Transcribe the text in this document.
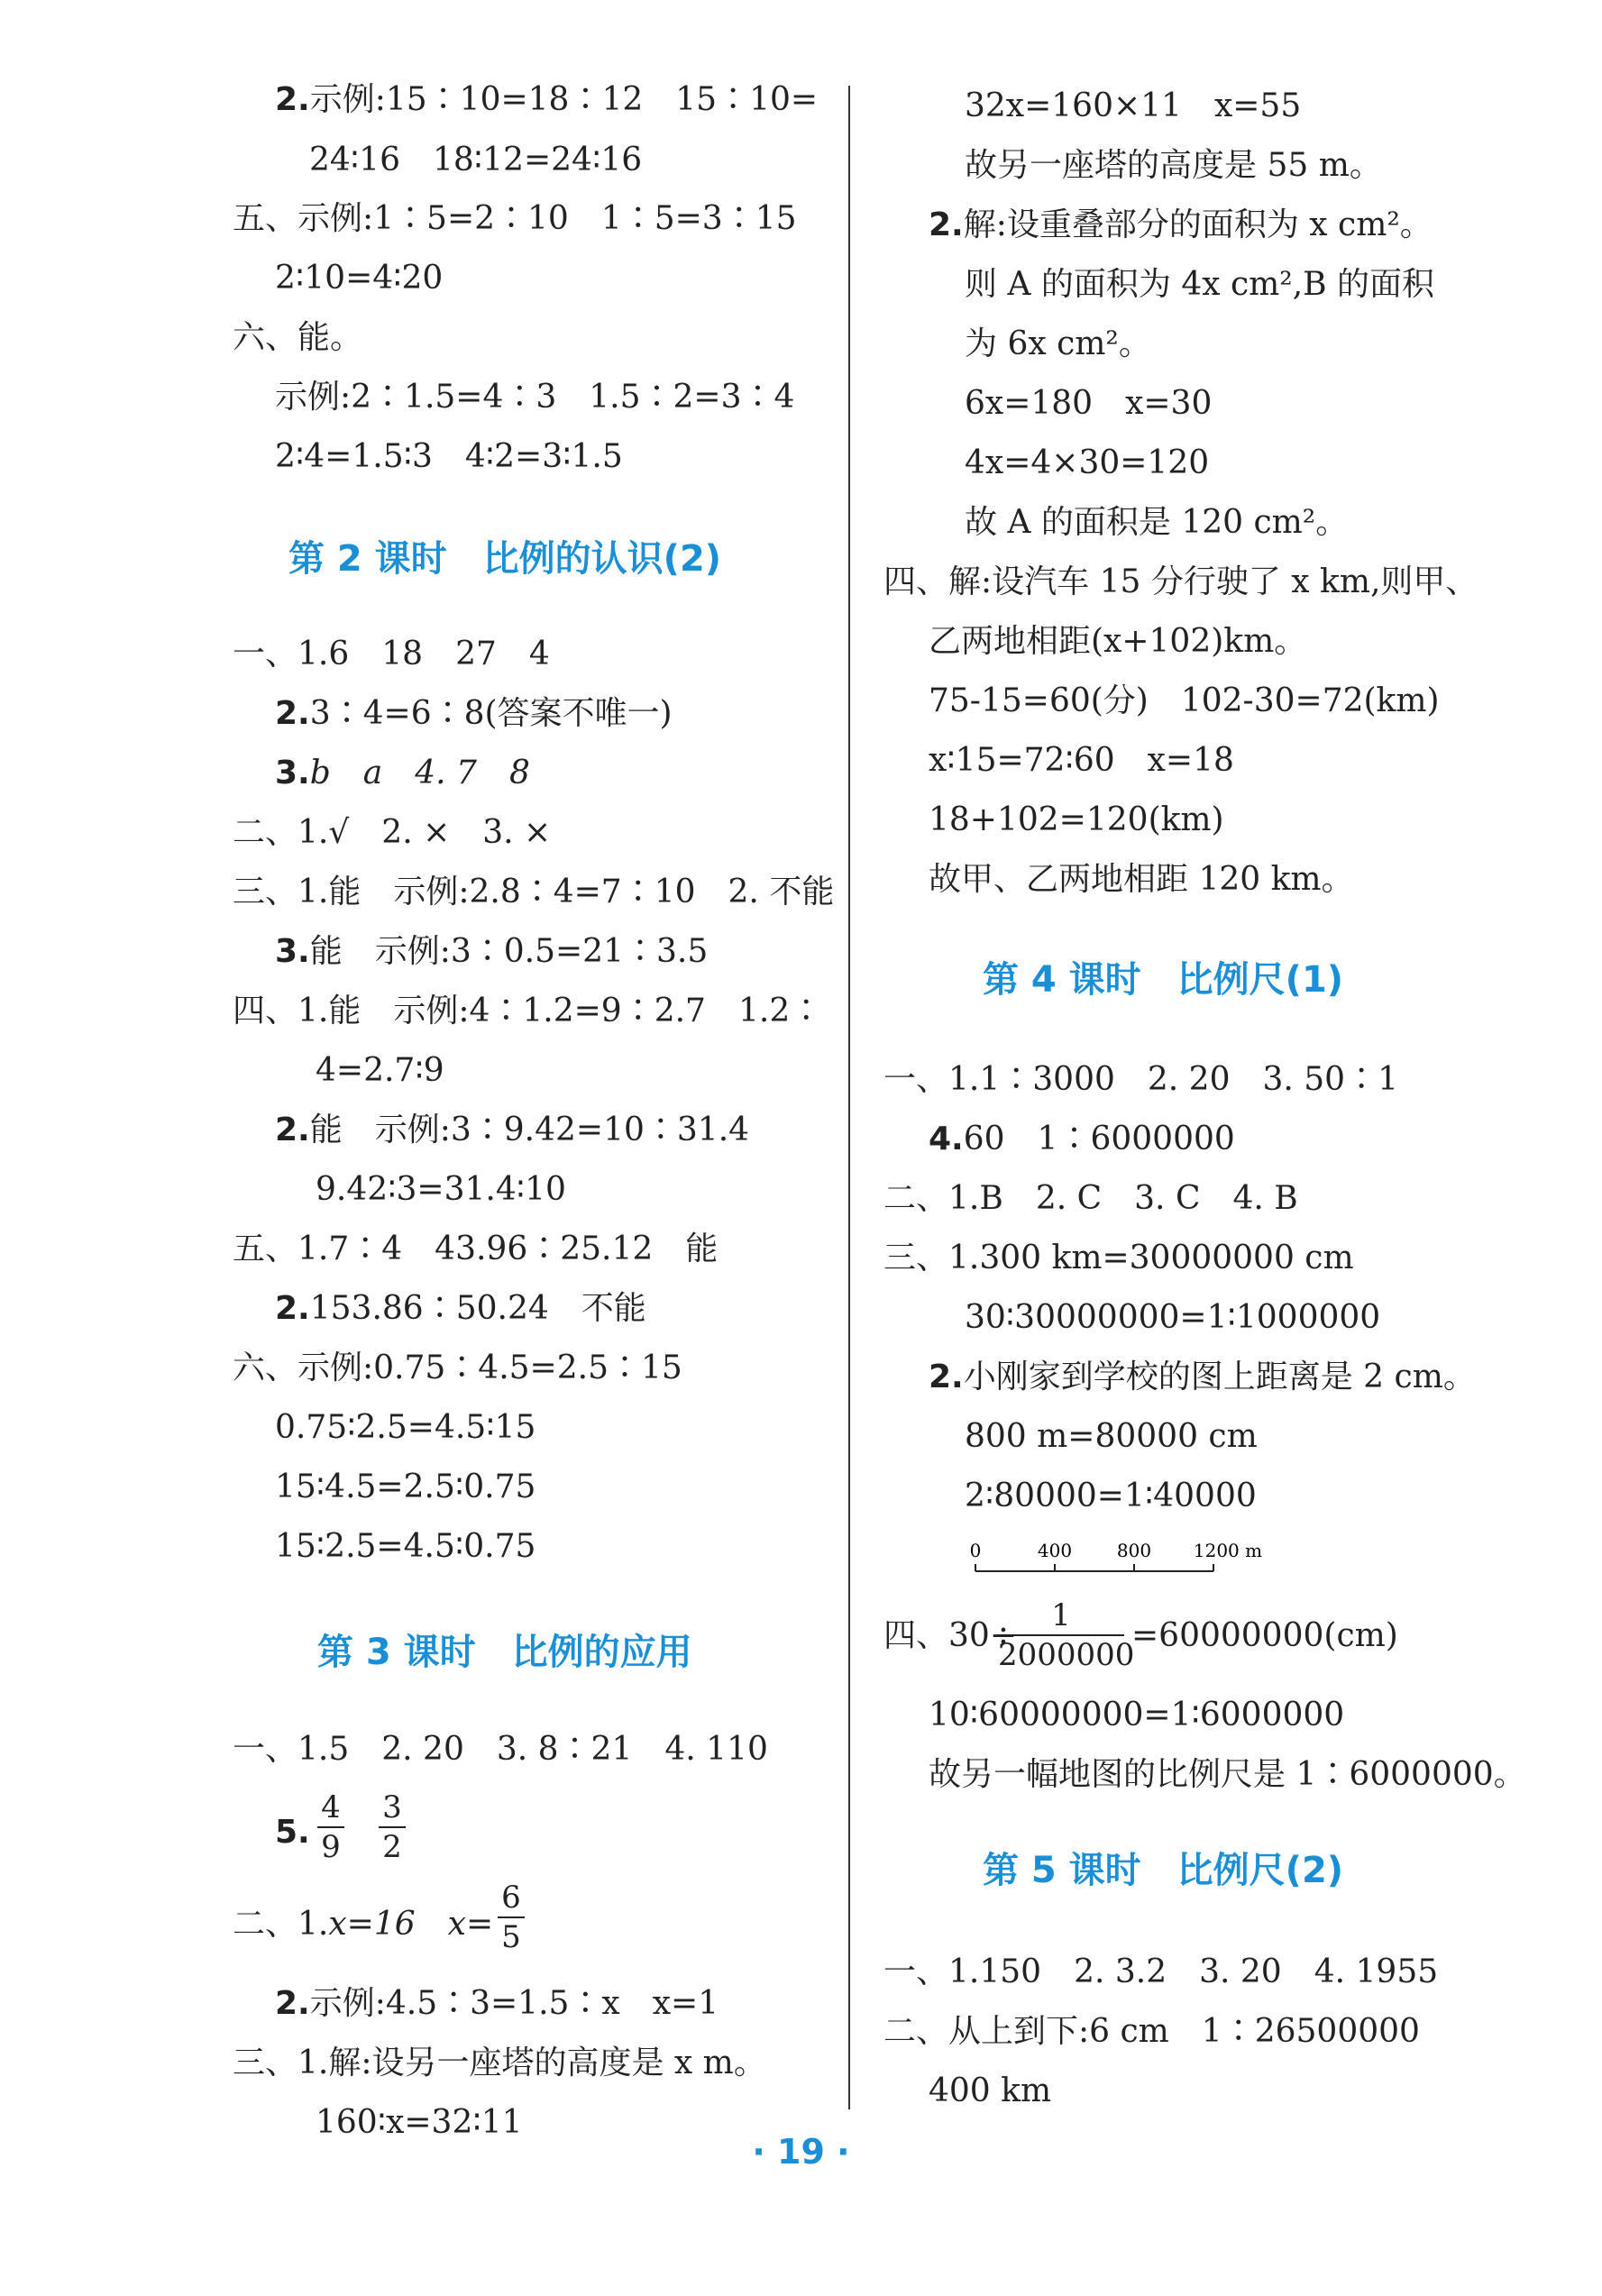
2.示例:15∶10=18∶12　15∶10=
24∶16　18∶12=24∶16
五、示例:1∶5=2∶10　1∶5=3∶15
2∶10=4∶20
六、能。
示例:2∶1.5=4∶3　1.5∶2=3∶4
2∶4=1.5∶3　4∶2=3∶1.5
第 2 课时　比例的认识(2)
一、1.6　18　27　4
2.3∶4=6∶8(答案不唯一)
3.b　a　4. 7　8
二、1.√　2. ×　3. ×
三、1.能　示例:2.8∶4=7∶10　2. 不能
3.能　示例:3∶0.5=21∶3.5
四、1.能　示例:4∶1.2=9∶2.7　1.2∶
4=2.7∶9
2.能　示例:3∶9.42=10∶31.4
9.42∶3=31.4∶10
五、1.7∶4　43.96∶25.12　能
2.153.86∶50.24　不能
六、示例:0.75∶4.5=2.5∶15
0.75∶2.5=4.5∶15
15∶4.5=2.5∶0.75
15∶2.5=4.5∶0.75
第 3 课时　比例的应用
一、1.5　2. 20　3. 8∶21　4. 110
5.
4
9
3
2
二、1.x=16　x=
6
5
2.示例:4.5∶3=1.5∶x　x=1
三、1.解:设另一座塔的高度是 x m。
160∶x=32∶11
32x=160×11　x=55
故另一座塔的高度是 55 m。
2.解:设重叠部分的面积为 x cm²。
则 A 的面积为 4x cm²,B 的面积
为 6x cm²。
6x=180　x=30
4x=4×30=120
故 A 的面积是 120 cm²。
四、解:设汽车 15 分行驶了 x km,则甲、
乙两地相距(x+102)km。
75-15=60(分)　102-30=72(km)
x∶15=72∶60　x=18
18+102=120(km)
故甲、乙两地相距 120 km。
第 4 课时　比例尺(1)
一、1.1∶3000　2. 20　3. 50∶1
4.60　1∶6000000
二、1.B　2. C　3. C　4. B
三、1.300 km=30000000 cm
30∶30000000=1∶1000000
2.小刚家到学校的图上距离是 2 cm。
800 m=80000 cm
2∶80000=1∶40000
0	400 800 1200 m
四、30÷
1
2000000
=60000000(cm)
10∶60000000=1∶6000000
故另一幅地图的比例尺是 1∶6000000。
第 5 课时　比例尺(2)
一、1.150　2. 3.2　3. 20　4. 1955
二、从上到下:6 cm　1∶26500000
400 km
· 19 ·
